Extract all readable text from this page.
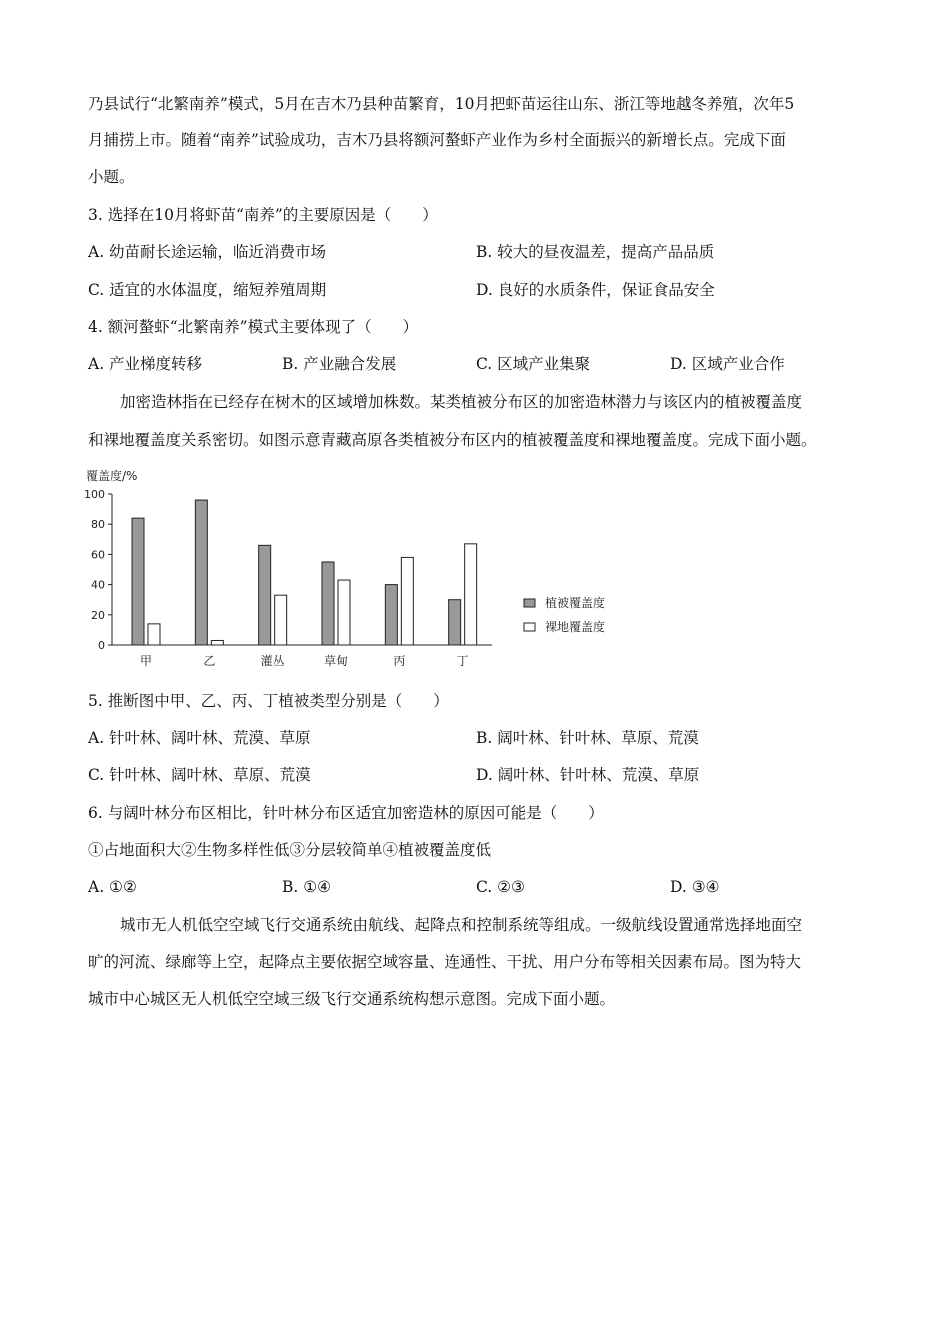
乃县试行“北繁南养”模式，5月在吉木乃县种苗繁育，10月把虾苗运往山东、浙江等地越冬养殖，次年5
月捕捞上市。随着“南养”试验成功，吉木乃县将额河螯虾产业作为乡村全面振兴的新增长点。完成下面
小题。
3. 选择在10月将虾苗“南养”的主要原因是（　　）
A. 幼苗耐长途运输，临近消费市场	B. 较大的昼夜温差，提高产品品质
C. 适宜的水体温度，缩短养殖周期	D. 良好的水质条件，保证食品安全
4. 额河螯虾“北繁南养”模式主要体现了（　　）
A. 产业梯度转移	B. 产业融合发展	C. 区域产业集聚	D. 区域产业合作
加密造林指在已经存在树木的区域增加株数。某类植被分布区的加密造林潜力与该区内的植被覆盖度
和裸地覆盖度关系密切。如图示意青藏高原各类植被分布区内的植被覆盖度和裸地覆盖度。完成下面小题。
覆盖度/%
0
20
40
60
80
100
甲	乙	灌丛	草甸	丙	丁
植被覆盖度
裸地覆盖度
5. 推断图中甲、乙、丙、丁植被类型分别是（　　）
A. 针叶林、阔叶林、荒漠、草原	B. 阔叶林、针叶林、草原、荒漠
C. 针叶林、阔叶林、草原、荒漠	D. 阔叶林、针叶林、荒漠、草原
6. 与阔叶林分布区相比，针叶林分布区适宜加密造林的原因可能是（　　）
①占地面积大②生物多样性低③分层较简单④植被覆盖度低
A. ①②	B. ①④	C. ②③	D. ③④
城市无人机低空空域飞行交通系统由航线、起降点和控制系统等组成。一级航线设置通常选择地面空
旷的河流、绿廊等上空，起降点主要依据空域容量、连通性、干扰、用户分布等相关因素布局。图为特大
城市中心城区无人机低空空域三级飞行交通系统构想示意图。完成下面小题。
